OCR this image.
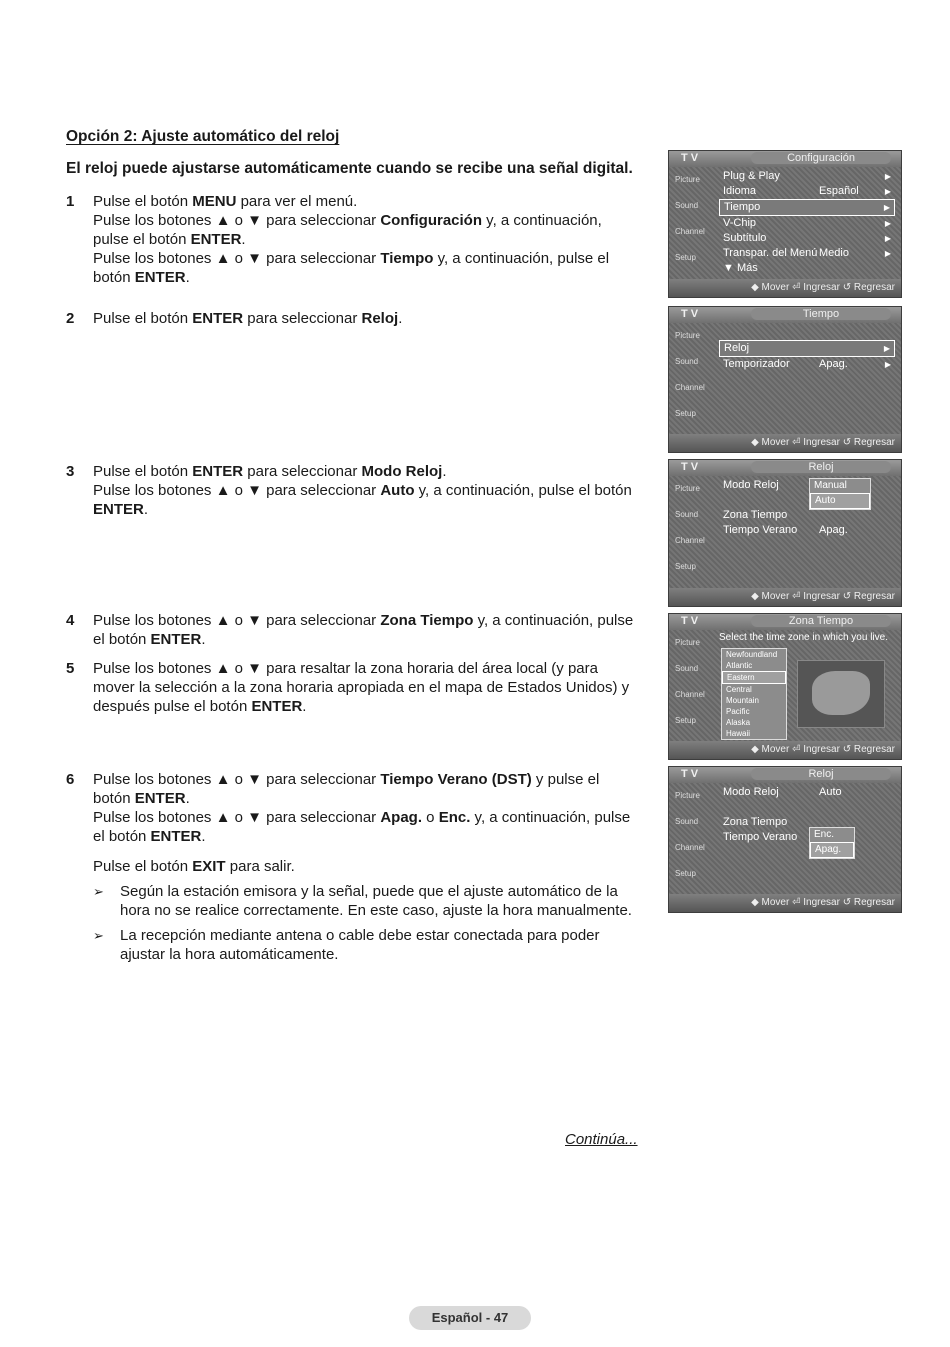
Opción 2: Ajuste automático del reloj
El reloj puede ajustarse automáticamente cuando se recibe una señal digital.
1 Pulse el botón MENU para ver el menú.

Pulse los botones ▲ o ▼ para seleccionar Configuración y, a continuación, pulse el botón ENTER.

Pulse los botones ▲ o ▼ para seleccionar Tiempo y, a continuación, pulse el botón ENTER.

2 Pulse el botón ENTER para seleccionar Reloj.

3 Pulse el botón ENTER para seleccionar Modo Reloj.

Pulse los botones ▲ o ▼ para seleccionar Auto y, a continuación, pulse el botón ENTER.

4 Pulse los botones ▲ o ▼ para seleccionar Zona Tiempo y, a continuación, pulse el botón ENTER.

5 Pulse los botones ▲ o ▼ para resaltar la zona horaria del área local (y para mover la selección a la zona horaria apropiada en el mapa de Estados Unidos) y después pulse el botón ENTER.

6 Pulse los botones ▲ o ▼ para seleccionar Tiempo Verano (DST) y pulse el botón ENTER.

Pulse los botones ▲ o ▼ para seleccionar Apag. o Enc. y, a continuación, pulse el botón ENTER.

Pulse el botón EXIT para salir.

➢ Según la estación emisora y la señal, puede que el ajuste automático de la hora no se realice correctamente. En este caso, ajuste la hora manualmente.
➢ La recepción mediante antena o cable debe estar conectada para poder ajustar la hora automáticamente.
Continúa...
Español - 47
T V	Configuración
Picture
Sound
Channel
Setup
Plug & Play	▶
Idioma	Español	▶
Tiempo	▶
V-Chip	▶
Subtítulo	▶
Transpar. del Menú Medio	▶
▼ Más
◆ Mover ⏎ Ingresar ↺ Regresar
T V	Tiempo
Picture
Sound
Channel
Setup
Reloj	▶
Temporizador	Apag.	▶
◆ Mover ⏎ Ingresar ↺ Regresar
T V	Reloj
Picture
Sound
Channel
Setup
Modo Reloj
Zona Tiempo
Tiempo Verano Apag.
Manual
Auto
◆ Mover ⏎ Ingresar ↺ Regresar
T V	Zona Tiempo
Picture
Sound
Channel
Setup
Select the time zone in which you live.
Newfoundland
Atlantic
Eastern
Central
Mountain
Pacific
Alaska
Hawaii
◆ Mover ⏎ Ingresar ↺ Regresar
T V	Reloj
Picture
Sound
Channel
Setup
Modo Reloj	Auto
Zona Tiempo
Tiempo Verano	Enc.
Apag.
◆ Mover ⏎ Ingresar ↺ Regresar
